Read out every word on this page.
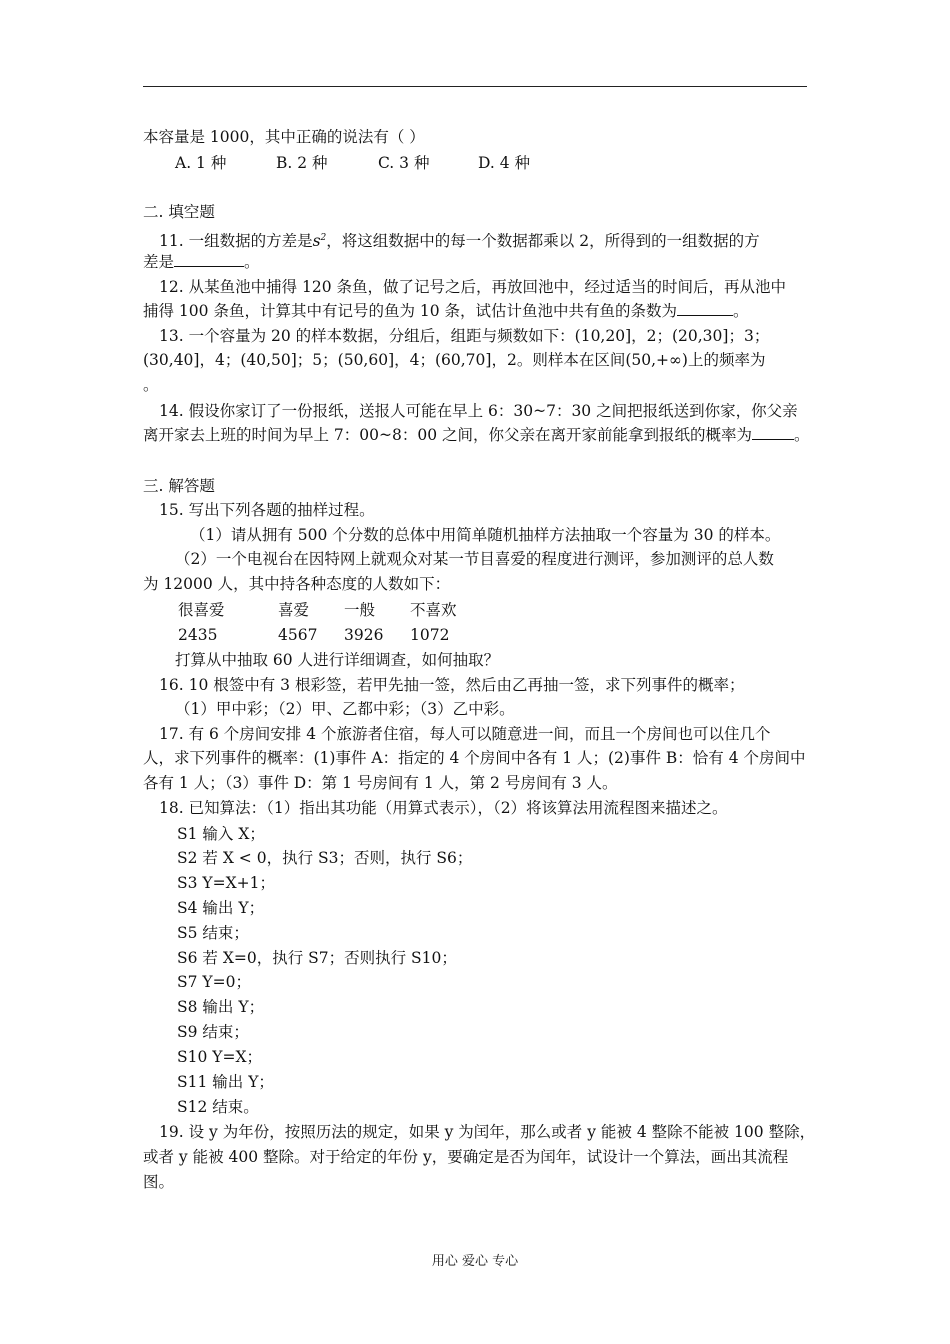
本容量是 1000，其中正确的说法有（ ）
A. 1 种	B. 2 种	C. 3 种	D. 4 种
二. 填空题
11. 一组数据的方差是$s^2$，将这组数据中的每一个数据都乘以 2，所得到的一组数据的方
差是	。
12. 从某鱼池中捕得 120 条鱼，做了记号之后，再放回池中，经过适当的时间后，再从池中
捕得 100 条鱼，计算其中有记号的鱼为 10 条，试估计鱼池中共有鱼的条数为	。
13. 一个容量为 20 的样本数据，分组后，组距与频数如下：(10,20]，2；(20,30]；3；
(30,40]，4；(40,50]；5；(50,60]，4；(60,70]，2。则样本在区间(50,+∞)上的频率为
。
14. 假设你家订了一份报纸，送报人可能在早上 6：30~7：30 之间把报纸送到你家，你父亲
离开家去上班的时间为早上 7：00~8：00 之间，你父亲在离开家前能拿到报纸的概率为	。
三. 解答题
15. 写出下列各题的抽样过程。
（1）请从拥有 500 个分数的总体中用简单随机抽样方法抽取一个容量为 30 的样本。
（2）一个电视台在因特网上就观众对某一节目喜爱的程度进行测评，参加测评的总人数
为 12000 人，其中持各种态度的人数如下：
很喜爱	喜爱 一般 不喜欢
2435	4567 3926 1072
打算从中抽取 60 人进行详细调查，如何抽取？
16. 10 根签中有 3 根彩签，若甲先抽一签，然后由乙再抽一签，求下列事件的概率；
（1）甲中彩；（2）甲、乙都中彩；（3）乙中彩。
17. 有 6 个房间安排 4 个旅游者住宿，每人可以随意进一间，而且一个房间也可以住几个
人，求下列事件的概率：(1)事件 A：指定的 4 个房间中各有 1 人；(2)事件 B：恰有 4 个房间中
各有 1 人；（3）事件 D：第 1 号房间有 1 人，第 2 号房间有 3 人。
18. 已知算法：（1）指出其功能（用算式表示），（2）将该算法用流程图来描述之。
S1 输入 X；
S2 若 X < 0，执行 S3；否则，执行 S6；
S3 Y=X+1；
S4 输出 Y；
S5 结束；
S6 若 X=0，执行 S7；否则执行 S10；
S7 Y=0；
S8 输出 Y；
S9 结束；
S10 Y=X；
S11 输出 Y；
S12 结束。
19. 设 y 为年份，按照历法的规定，如果 y 为闰年，那么或者 y 能被 4 整除不能被 100 整除，
或者 y 能被 400 整除。对于给定的年份 y，要确定是否为闰年，试设计一个算法，画出其流程
图。
用心 爱心 专心
